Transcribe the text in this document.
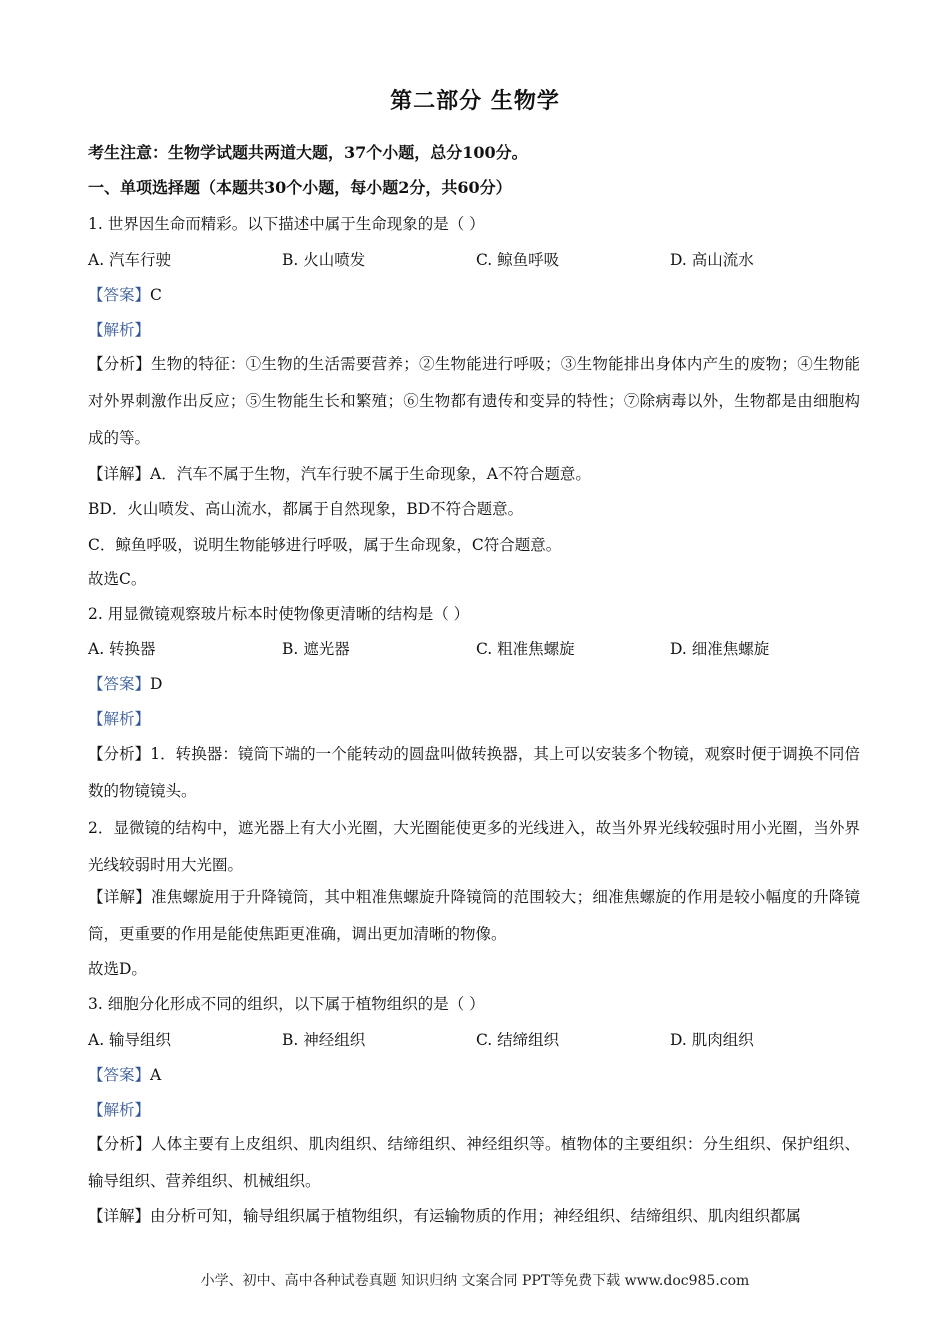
第二部分 生物学
考生注意：生物学试题共两道大题，37个小题，总分100分。
一、单项选择题（本题共30个小题，每小题2分，共60分）
1. 世界因生命而精彩。以下描述中属于生命现象的是（ ）
A. 汽车行驶	B. 火山喷发	C. 鲸鱼呼吸	D. 高山流水
【答案】C
【解析】
【分析】生物的特征：①生物的生活需要营养；②生物能进行呼吸；③生物能排出身体内产生的废物；④生物能对外界刺激作出反应；⑤生物能生长和繁殖；⑥生物都有遗传和变异的特性；⑦除病毒以外，生物都是由细胞构成的等。
【详解】A．汽车不属于生物，汽车行驶不属于生命现象，A不符合题意。
BD．火山喷发、高山流水，都属于自然现象，BD不符合题意。
C．鲸鱼呼吸，说明生物能够进行呼吸，属于生命现象，C符合题意。
故选C。
2. 用显微镜观察玻片标本时使物像更清晰的结构是（ ）
A. 转换器	B. 遮光器	C. 粗准焦螺旋	D. 细准焦螺旋
【答案】D
【解析】
【分析】1．转换器：镜筒下端的一个能转动的圆盘叫做转换器，其上可以安装多个物镜，观察时便于调换不同倍数的物镜镜头。
2．显微镜的结构中，遮光器上有大小光圈，大光圈能使更多的光线进入，故当外界光线较强时用小光圈，当外界光线较弱时用大光圈。
【详解】准焦螺旋用于升降镜筒，其中粗准焦螺旋升降镜筒的范围较大；细准焦螺旋的作用是较小幅度的升降镜筒，更重要的作用是能使焦距更准确，调出更加清晰的物像。
故选D。
3. 细胞分化形成不同的组织，以下属于植物组织的是（ ）
A. 输导组织	B. 神经组织	C. 结缔组织	D. 肌肉组织
【答案】A
【解析】
【分析】人体主要有上皮组织、肌肉组织、结缔组织、神经组织等。植物体的主要组织：分生组织、保护组织、输导组织、营养组织、机械组织。
【详解】由分析可知，输导组织属于植物组织，有运输物质的作用；神经组织、结缔组织、肌肉组织都属
小学、初中、高中各种试卷真题 知识归纳 文案合同 PPT等免费下载 www.doc985.com
